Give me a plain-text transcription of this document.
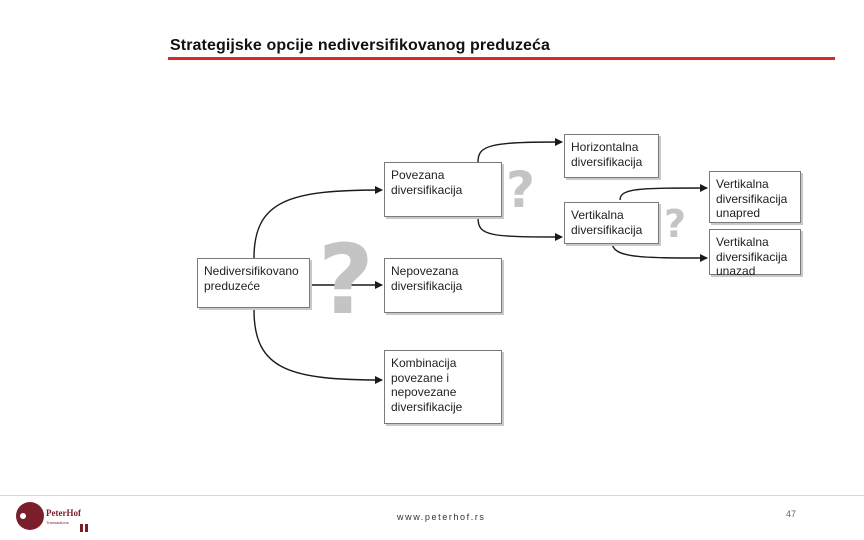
Strategijske opcije nediversifikovanog preduzeća
Nediversifikovano
preduzeće
Povezana
diversifikacija
Nepovezana
diversifikacija
Kombinacija
povezane i
nepovezane
diversifikacije
Horizontalna
diversifikacija
Vertikalna
diversifikacija
Vertikalna
diversifikacija
unapred
Vertikalna
diversifikacija
unazad
?
?
?
PeterHof
Transactions
www.peterhof.rs	47
